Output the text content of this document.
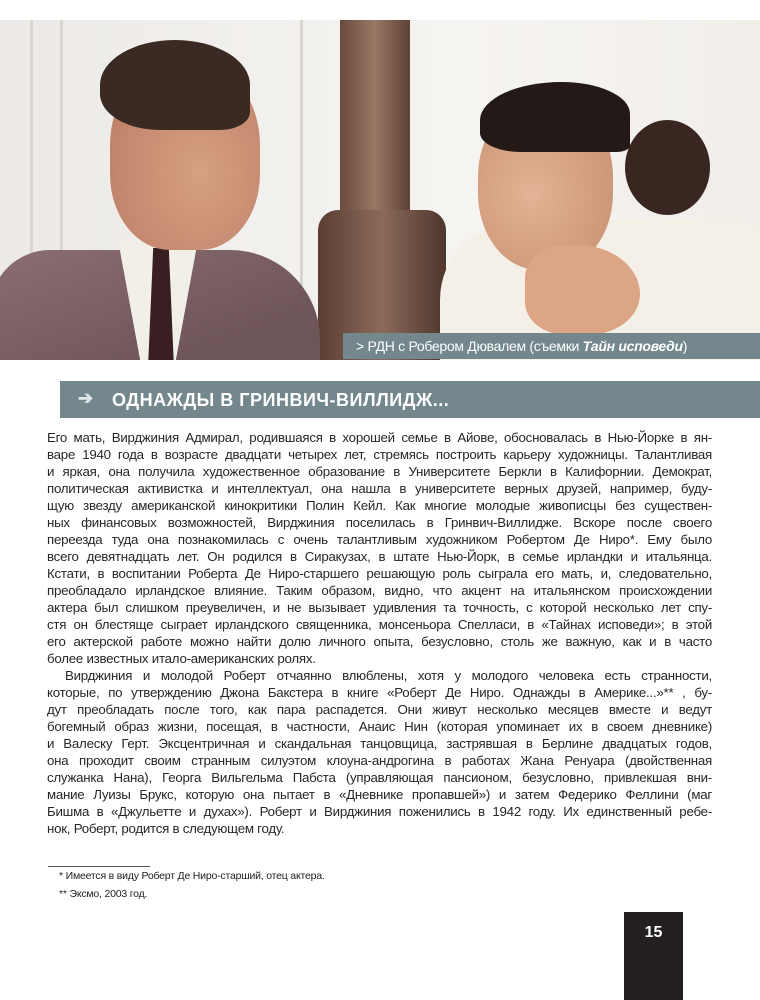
> РДН с Робером Дювалем (съемки Тайн исповеди)
➔ ОДНАЖДЫ В ГРИНВИЧ-ВИЛЛИДЖ...
Его мать, Вирджиния Адмирал, родившаяся в хорошей семье в Айове, обосновалась в Нью-Йорке в ян-
варе 1940 года в возрасте двадцати четырех лет, стремясь построить карьеру художницы. Талантливая
и яркая, она получила художественное образование в Университете Беркли в Калифорнии. Демократ,
политическая активистка и интеллектуал, она нашла в университете верных друзей, например, буду-
щую звезду американской кинокритики Полин Кейл. Как многие молодые живописцы без существен-
ных финансовых возможностей, Вирджиния поселилась в Гринвич-Виллидже. Вскоре после своего
переезда туда она познакомилась с очень талантливым художником Робертом Де Ниро*. Ему было
всего девятнадцать лет. Он родился в Сиракузах, в штате Нью-Йорк, в семье ирландки и итальянца.
Кстати, в воспитании Роберта Де Ниро-старшего решающую роль сыграла его мать, и, следовательно,
преобладало ирландское влияние. Таким образом, видно, что акцент на итальянском происхождении
актера был слишком преувеличен, и не вызывает удивления та точность, с которой несколько лет спу-
стя он блестяще сыграет ирландского священника, монсеньора Спелласи, в «Тайнах исповеди»; в этой
его актерской работе можно найти долю личного опыта, безусловно, столь же важную, как и в часто
более известных итало-американских ролях.
Вирджиния и молодой Роберт отчаянно влюблены, хотя у молодого человека есть странности,
которые, по утверждению Джона Бакстера в книге «Роберт Де Ниро. Однажды в Америке...»** , бу-
дут преобладать после того, как пара распадется. Они живут несколько месяцев вместе и ведут
богемный образ жизни, посещая, в частности, Анаис Нин (которая упоминает их в своем дневнике)
и Валеску Герт. Эксцентричная и скандальная танцовщица, застрявшая в Берлине двадцатых годов,
она проходит своим странным силуэтом клоуна-андрогина в работах Жана Ренуара (двойственная
служанка Нана), Георга Вильгельма Пабста (управляющая пансионом, безусловно, привлекшая вни-
мание Луизы Брукс, которую она пытает в «Дневнике пропавшей») и затем Федерико Феллини (маг
Бишма в «Джульетте и духах»). Роберт и Вирджиния поженились в 1942 году. Их единственный ребе-
нок, Роберт, родится в следующем году.
* Имеется в виду Роберт Де Ниро-старший, отец актера.
** Эксмо, 2003 год.
15
